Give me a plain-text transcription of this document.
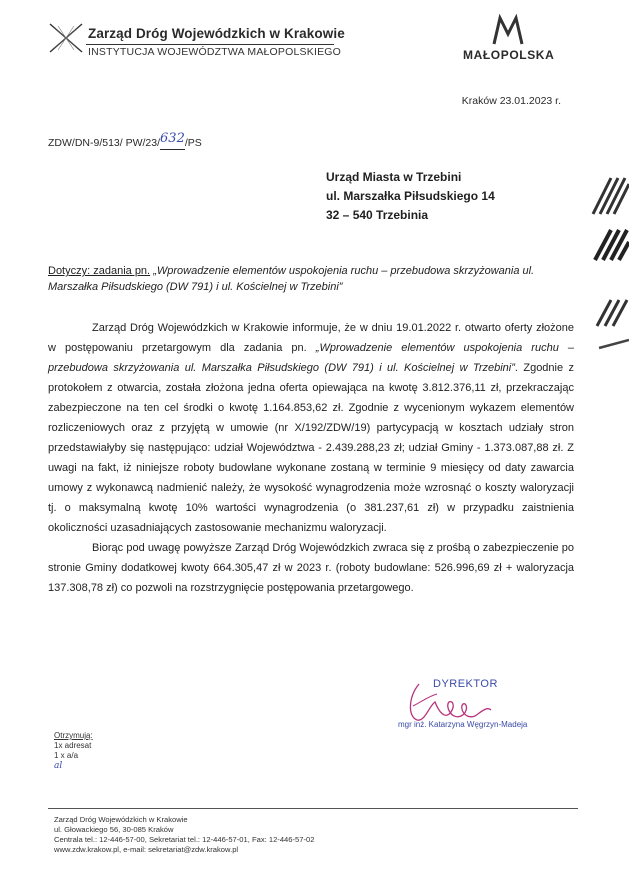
Zarząd Dróg Wojewódzkich w Krakowie
INSTYTUCJA WOJEWÓDZTWA MAŁOPOLSKIEGO	MAŁOPOLSKA
Kraków 23.01.2023 r.
ZDW/DN-9/513/ PW/23/632/PS
Urząd Miasta w Trzebini
ul. Marszałka Piłsudskiego 14
32 – 540 Trzebinia
Dotyczy: zadania pn. „Wprowadzenie elementów uspokojenia ruchu – przebudowa skrzyżowania ul. Marszałka Piłsudskiego (DW 791) i ul. Kościelnej w Trzebini”

Zarząd Dróg Wojewódzkich w Krakowie informuje, że w dniu 19.01.2022 r. otwarto oferty złożone w postępowaniu przetargowym dla zadania pn. „Wprowadzenie elementów uspokojenia ruchu – przebudowa skrzyżowania ul. Marszałka Piłsudskiego (DW 791) i ul. Kościelnej w Trzebini”. Zgodnie z protokołem z otwarcia, została złożona jedna oferta opiewająca na kwotę 3.812.376,11 zł, przekraczając zabezpieczone na ten cel środki o kwotę 1.164.853,62 zł. Zgodnie z wycenionym wykazem elementów rozliczeniowych oraz z przyjętą w umowie (nr X/192/ZDW/19) partycypacją w kosztach udziały stron przedstawiałyby się następująco: udział Województwa - 2.439.288,23 zł; udział Gminy - 1.373.087,88 zł. Z uwagi na fakt, iż niniejsze roboty budowlane wykonane zostaną w terminie 9 miesięcy od daty zawarcia umowy z wykonawcą nadmienić należy, że wysokość wynagrodzenia może wzrosnąć o koszty waloryzacji tj. o maksymalną kwotę 10% wartości wynagrodzenia (o 381.237,61 zł) w przypadku zaistnienia okoliczności uzasadniających zastosowanie mechanizmu waloryzacji.

Biorąc pod uwagę powyższe Zarząd Dróg Wojewódzkich zwraca się z prośbą o zabezpieczenie po stronie Gminy dodatkowej kwoty 664.305,47 zł w 2023 r. (roboty budowlane: 526.996,69 zł + waloryzacja 137.308,78 zł) co pozwoli na rozstrzygnięcie postępowania przetargowego.

DYREKTOR
mgr inż. Katarzyna Węgrzyn-Madeja
Otrzymują:
1x adresat
1 x a/a
al
Zarząd Dróg Wojewódzkich w Krakowie
ul. Głowackiego 56, 30-085 Kraków
Centrala tel.: 12-446-57-00, Sekretariat tel.: 12-446-57-01, Fax: 12-446-57-02
www.zdw.krakow.pl, e-mail: sekretariat@zdw.krakow.pl
